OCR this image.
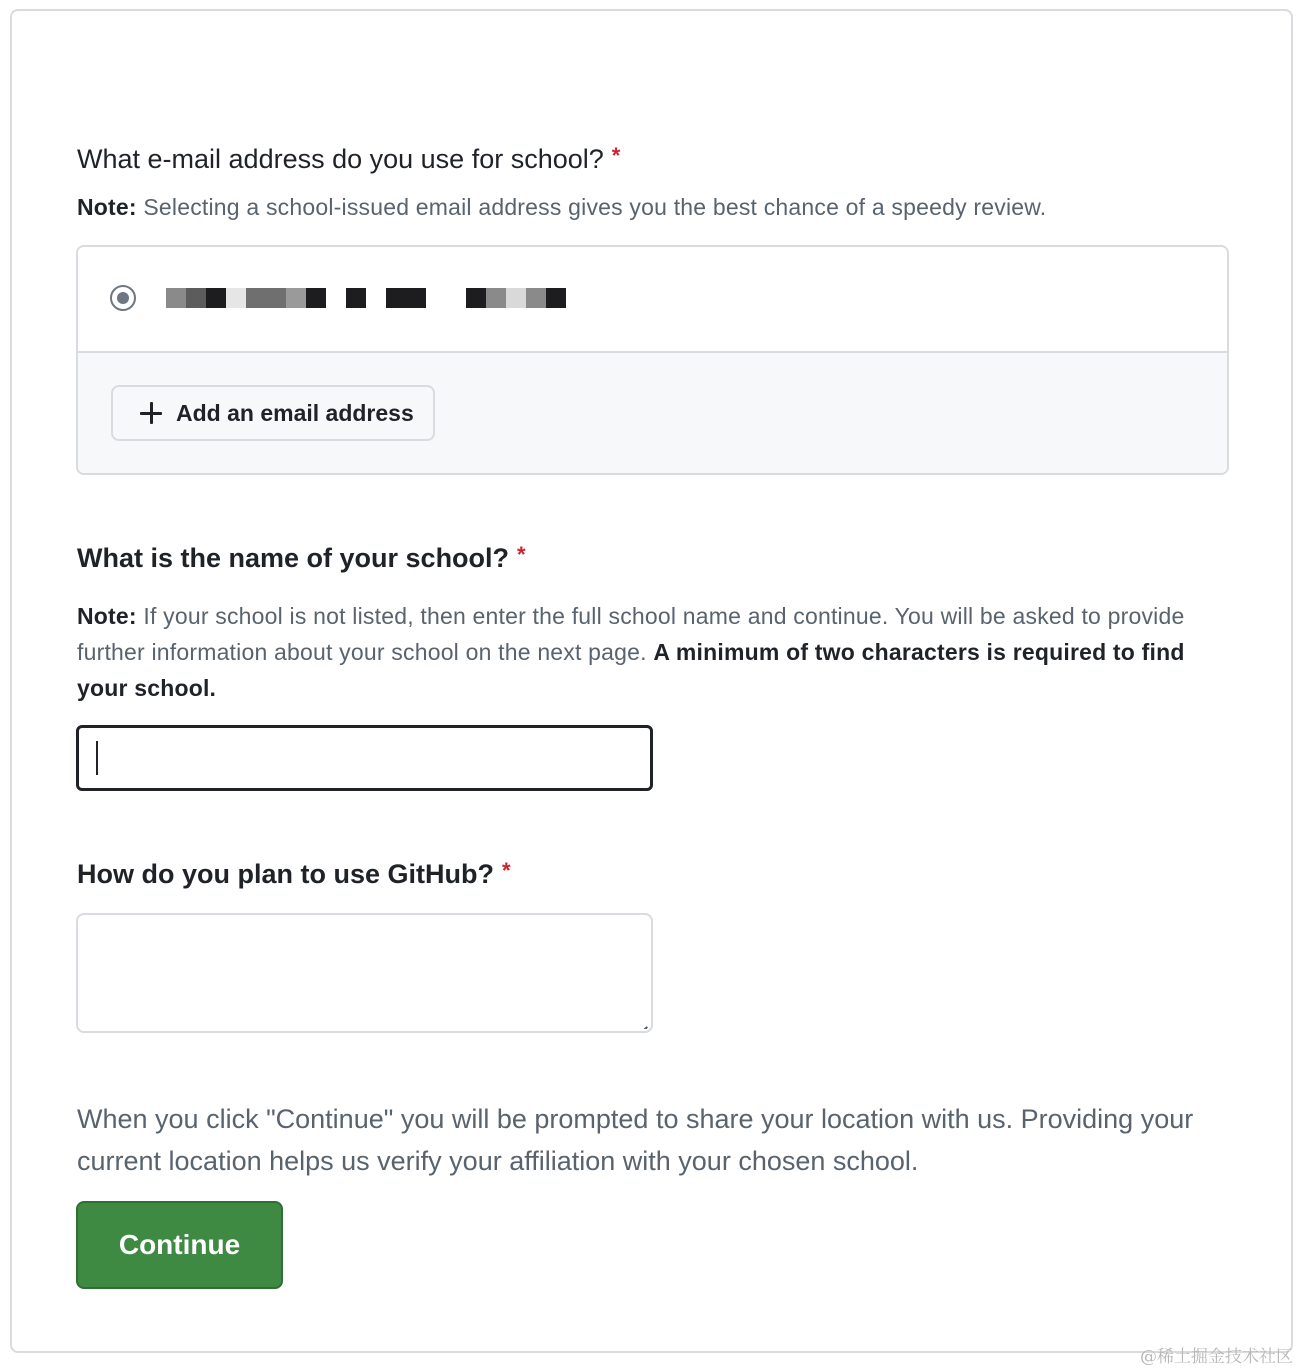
What e-mail address do you use for school? *
Note: Selecting a school-issued email address gives you the best chance of a speedy review.
Add an email address
What is the name of your school? *
Note: If your school is not listed, then enter the full school name and continue. You will be asked to provide further information about your school on the next page. A minimum of two characters is required to find your school.
How do you plan to use GitHub? *
When you click "Continue" you will be prompted to share your location with us. Providing your current location helps us verify your affiliation with your chosen school.
Continue
@稀土掘金技术社区
